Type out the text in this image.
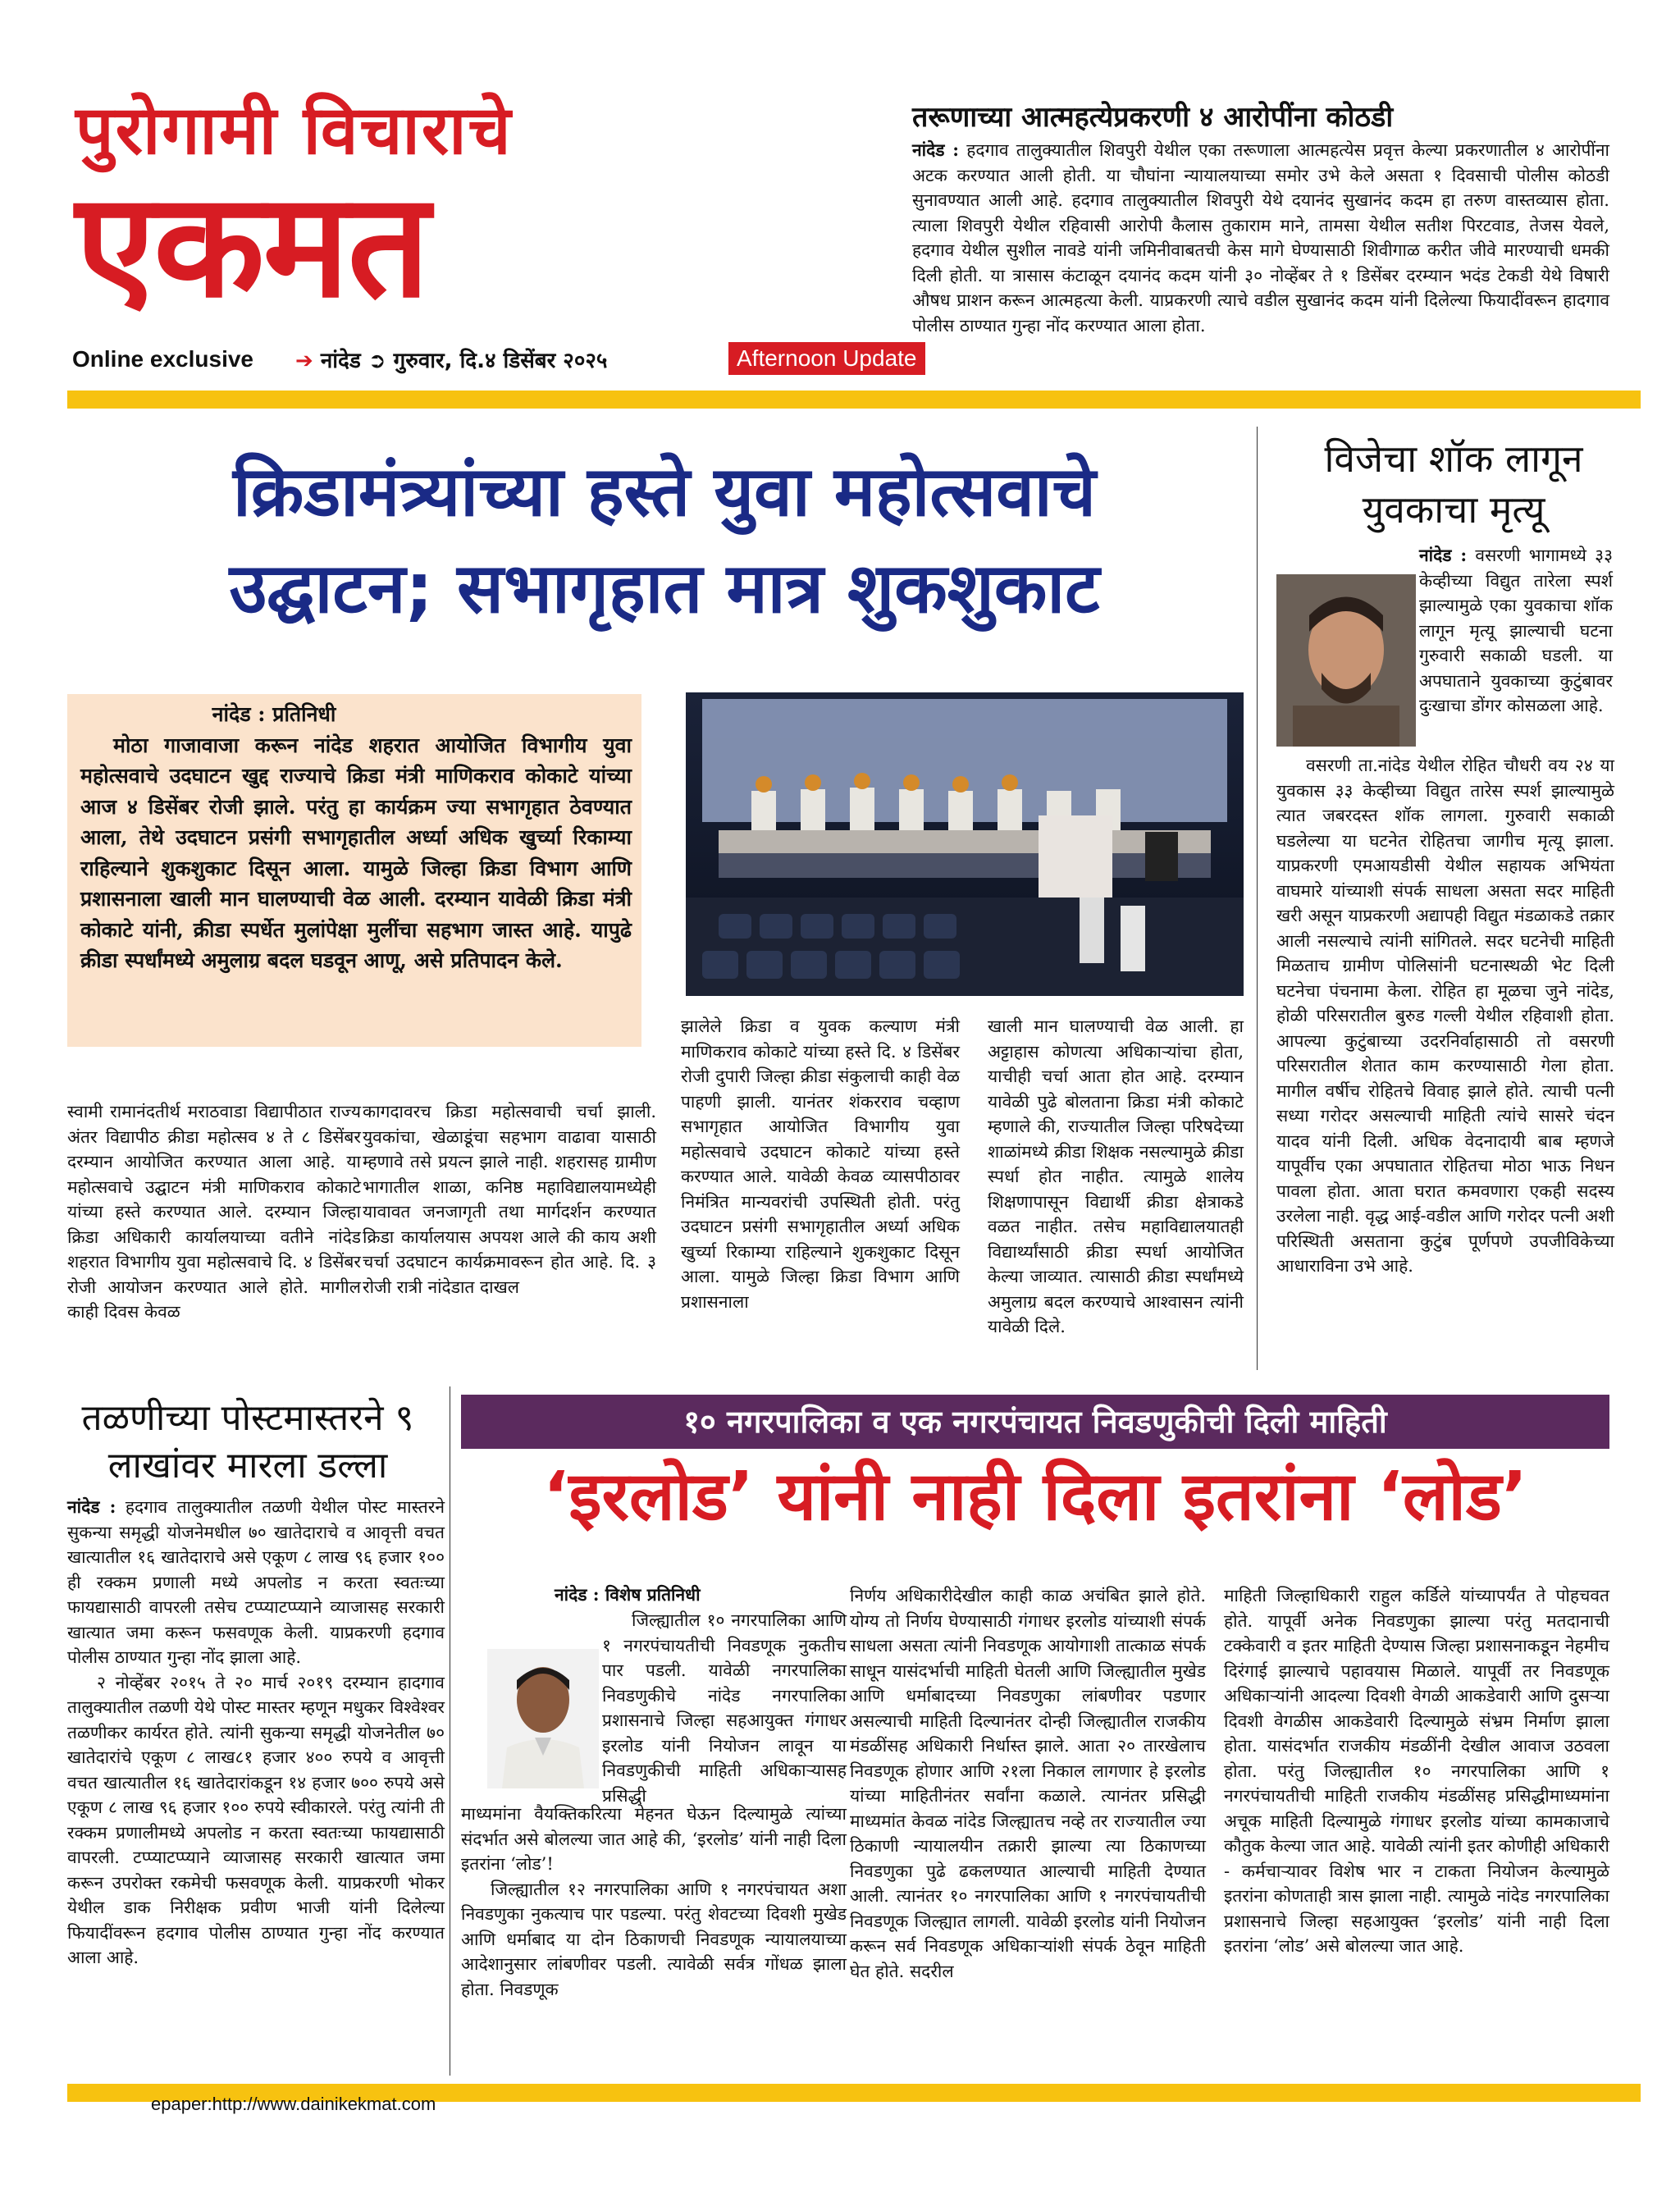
पुरोगामी विचाराचे
एकमत
Online exclusive ➔ नांदेड ➲ गुरुवार, दि.४ डिसेंबर २०२५	Afternoon Update
तरूणाच्या आत्महत्येप्रकरणी ४ आरोपींना कोठडी
नांदेड : हदगाव तालुक्यातील शिवपुरी येथील एका तरूणाला आत्महत्येस प्रवृत्त केल्या प्रकरणातील ४ आरोपींना अटक करण्यात आली होती. या चौघांना न्यायालयाच्या समोर उभे केले असता १ दिवसाची पोलीस कोठडी सुनावण्यात आली आहे. हदगाव तालुक्यातील शिवपुरी येथे दयानंद सुखानंद कदम हा तरुण वास्तव्यास होता. त्याला शिवपुरी येथील रहिवासी आरोपी कैलास तुकाराम माने, तामसा येथील सतीश पिरटवाड, तेजस येवले, हदगाव येथील सुशील नावडे यांनी जमिनीवाबतची केस मागे घेण्यासाठी शिवीगाळ करीत जीवे मारण्याची धमकी दिली होती. या त्रासास कंटाळून दयानंद कदम यांनी ३० नोव्हेंबर ते १ डिसेंबर दरम्यान भदंड टेकडी येथे विषारी औषध प्राशन करून आत्महत्या केली. याप्रकरणी त्याचे वडील सुखानंद कदम यांनी दिलेल्या फियादींवरून हादगाव पोलीस ठाण्यात गुन्हा नोंद करण्यात आला होता.
क्रिडामंत्र्यांच्या हस्ते युवा महोत्सवाचे
उद्घाटन; सभागृहात मात्र शुकशुकाट
नांदेड : प्रतिनिधी
मोठा गाजावाजा करून नांदेड शहरात आयोजित विभागीय युवा महोत्सवाचे उदघाटन खुद्द राज्याचे क्रिडा मंत्री माणिकराव कोकाटे यांच्या आज ४ डिसेंबर रोजी झाले. परंतु हा कार्यक्रम ज्या सभागृहात ठेवण्यात आला, तेथे उदघाटन प्रसंगी सभागृहातील अर्ध्या अधिक खुर्च्या रिकाम्या राहिल्याने शुकशुकाट दिसून आला. यामुळे जिल्हा क्रिडा विभाग आणि प्रशासनाला खाली मान घालण्याची वेळ आली. दरम्यान यावेळी क्रिडा मंत्री कोकाटे यांनी, क्रीडा स्पर्धेत मुलांपेक्षा मुलींचा सहभाग जास्त आहे. यापुढे क्रीडा स्पर्धांमध्ये अमुलाग्र बदल घडवून आणू, असे प्रतिपादन केले.
विजेचा शॉक लागून युवकाचा मृत्यू
नांदेड : वसरणी भागामध्ये ३३ केव्हीच्या विद्युत तारेला स्पर्श झाल्यामुळे एका युवकाचा शॉक लागून मृत्यू झाल्याची घटना गुरुवारी सकाळी घडली. या अपघाताने युवकाच्या कुटुंबावर दुःखाचा डोंगर कोसळला आहे.

वसरणी ता.नांदेड येथील रोहित चौधरी वय २४ या युवकास ३३ केव्हीच्या विद्युत तारेस स्पर्श झाल्यामुळे त्यात जबरदस्त शॉक लागला. गुरुवारी सकाळी घडलेल्या या घटनेत रोहितचा जागीच मृत्यू झाला. याप्रकरणी एमआयडीसी येथील सहायक अभियंता वाघमारे यांच्याशी संपर्क साधला असता सदर माहिती खरी असून याप्रकरणी अद्यापही विद्युत मंडळाकडे तक्रार आली नसल्याचे त्यांनी सांगितले. सदर घटनेची माहिती मिळताच ग्रामीण पोलिसांनी घटनास्थळी भेट दिली घटनेचा पंचनामा केला. रोहित हा मूळचा जुने नांदेड, होळी परिसरातील बुरुड गल्ली येथील रहिवाशी होता. आपल्या कुटुंबाच्या उदरनिर्वाहासाठी तो वसरणी परिसरातील शेतात काम करण्यासाठी गेला होता. मागील वर्षीच रोहितचे विवाह झाले होते. त्याची पत्नी सध्या गरोदर असल्याची माहिती त्यांचे सासरे चंदन यादव यांनी दिली. अधिक वेदनादायी बाब म्हणजे यापूर्वीच एका अपघातात रोहितचा मोठा भाऊ निधन पावला होता. आता घरात कमवणारा एकही सदस्य उरलेला नाही. वृद्ध आई-वडील आणि गरोदर पत्नी अशी परिस्थिती असताना कुटुंब पूर्णपणे उपजीविकेच्या आधाराविना उभे आहे.

स्वामी रामानंदतीर्थ मराठवाडा विद्यापीठात राज्य अंतर विद्यापीठ क्रीडा महोत्सव ४ ते ८ डिसेंबर दरम्यान आयोजित करण्यात आला आहे. या महोत्सवाचे उद्घाटन मंत्री माणिकराव कोकाटे यांच्या हस्ते करण्यात आले. दरम्यान जिल्हा क्रिडा अधिकारी कार्यालयाच्या वतीने नांदेड शहरात विभागीय युवा महोत्सवाचे दि. ४ डिसेंबर रोजी आयोजन करण्यात आले होते. मागील काही दिवस केवळ

कागदावरच क्रिडा महोत्सवाची चर्चा झाली. युवकांचा, खेळाडूंचा सहभाग वाढावा यासाठी म्हणावे तसे प्रयत्न झाले नाही. शहरासह ग्रामीण भागातील शाळा, कनिष्ठ महाविद्यालयामध्येही यावावत जनजागृती तथा मार्गदर्शन करण्यात क्रिडा कार्यालयास अपयश आले की काय अशी चर्चा उदघाटन कार्यक्रमावरून होत आहे. दि. ३ रोजी रात्री नांदेडात दाखल

झालेले क्रिडा व युवक कल्याण मंत्री माणिकराव कोकाटे यांच्या हस्ते दि. ४ डिसेंबर रोजी दुपारी जिल्हा क्रीडा संकुलाची काही वेळ पाहणी झाली. यानंतर शंकरराव चव्हाण सभागृहात आयोजित विभागीय युवा महोत्सवाचे उदघाटन कोकाटे यांच्या हस्ते करण्यात आले. यावेळी केवळ व्यासपीठावर निमंत्रित मान्यवरांची उपस्थिती होती. परंतु उदघाटन प्रसंगी सभागृहातील अर्ध्या अधिक खुर्च्या रिकाम्या राहिल्याने शुकशुकाट दिसून आला. यामुळे जिल्हा क्रिडा विभाग आणि प्रशासनाला

खाली मान घालण्याची वेळ आली. हा अट्टाहास कोणत्या अधिकाऱ्यांचा होता, याचीही चर्चा आता होत आहे. दरम्यान यावेळी पुढे बोलताना क्रिडा मंत्री कोकाटे म्हणाले की, राज्यातील जिल्हा परिषदेच्या शाळांमध्ये क्रीडा शिक्षक नसल्यामुळे क्रीडा स्पर्धा होत नाहीत. त्यामुळे शालेय शिक्षणापासून विद्यार्थी क्रीडा क्षेत्राकडे वळत नाहीत. तसेच महाविद्यालयातही विद्यार्थ्यांसाठी क्रीडा स्पर्धा आयोजित केल्या जाव्यात. त्यासाठी क्रीडा स्पर्धांमध्ये अमुलाग्र बदल करण्याचे आश्वासन त्यांनी यावेळी दिले.

तळणीच्या पोस्टमास्तरने ९ लाखांवर मारला डल्ला

नांदेड : हदगाव तालुक्यातील तळणी येथील पोस्ट मास्तरने सुकन्या समृद्धी योजनेमधील ७० खातेदाराचे व आवृत्ती वचत खात्यातील १६ खातेदाराचे असे एकूण ८ लाख ९६ हजार १०० ही रक्कम प्रणाली मध्ये अपलोड न करता स्वतःच्या फायद्यासाठी वापरली तसेच टप्प्याटप्प्याने व्याजासह सरकारी खात्यात जमा करून फसवणूक केली. याप्रकरणी हदगाव पोलीस ठाण्यात गुन्हा नोंद झाला आहे.

२ नोव्हेंबर २०१५ ते २० मार्च २०१९ दरम्यान हादगाव तालुक्यातील तळणी येथे पोस्ट मास्तर म्हणून मधुकर विश्वेश्वर तळणीकर कार्यरत होते. त्यांनी सुकन्या समृद्धी योजनेतील ७० खातेदारांचे एकूण ८ लाख८१ हजार ४०० रुपये व आवृत्ती वचत खात्यातील १६ खातेदारांकडून १४ हजार ७०० रुपये असे एकूण ८ लाख ९६ हजार १०० रुपये स्वीकारले. परंतु त्यांनी ती रक्कम प्रणालीमध्ये अपलोड न करता स्वतःच्या फायद्यासाठी वापरली. टप्प्याटप्प्याने व्याजासह सरकारी खात्यात जमा करून उपरोक्त रकमेची फसवणूक केली. याप्रकरणी भोकर येथील डाक निरीक्षक प्रवीण भाजी यांनी दिलेल्या फियादींवरून हदगाव पोलीस ठाण्यात गुन्हा नोंद करण्यात आला आहे.

१० नगरपालिका व एक नगरपंचायत निवडणुकीची दिली माहिती
‘इरलोड’ यांनी नाही दिला इतरांना ‘लोड’
नांदेड : विशेष प्रतिनिधी

जिल्ह्यातील १० नगरपालिका आणि १ नगरपंचायतीची निवडणूक नुकतीच पार पडली. यावेळी नगरपालिका निवडणुकीचे नांदेड नगरपालिका प्रशासनाचे जिल्हा सहआयुक्त गंगाधर इरलोड यांनी नियोजन लावून या निवडणुकीची माहिती अधिकाऱ्यासह प्रसिद्धी

माध्यमांना वैयक्तिकरित्या मेहनत घेऊन दिल्यामुळे त्यांच्या संदर्भात असे बोलल्या जात आहे की, ‘इरलोड’ यांनी नाही दिला इतरांना ‘लोड’!

जिल्ह्यातील १२ नगरपालिका आणि १ नगरपंचायत अशा निवडणुका नुकत्याच पार पडल्या. परंतु शेवटच्या दिवशी मुखेड आणि धर्माबाद या दोन ठिकाणची निवडणूक न्यायालयाच्या आदेशानुसार लांबणीवर पडली. त्यावेळी सर्वत्र गोंधळ झाला होता. निवडणूक

निर्णय अधिकारीदेखील काही काळ अचंबित झाले होते. योग्य तो निर्णय घेण्यासाठी गंगाधर इरलोड यांच्याशी संपर्क साधला असता त्यांनी निवडणूक आयोगाशी तात्काळ संपर्क साधून यासंदर्भाची माहिती घेतली आणि जिल्ह्यातील मुखेड आणि धर्माबादच्या निवडणुका लांबणीवर पडणार असल्याची माहिती दिल्यानंतर दोन्ही जिल्ह्यातील राजकीय मंडळींसह अधिकारी निर्धास्त झाले. आता २० तारखेलाच निवडणूक होणार आणि २१ला निकाल लागणार हे इरलोड यांच्या माहितीनंतर सर्वांना कळाले. त्यानंतर प्रसिद्धी माध्यमांत केवळ नांदेड जिल्ह्यातच नव्हे तर राज्यातील ज्या ठिकाणी न्यायालयीन तक्रारी झाल्या त्या ठिकाणच्या निवडणुका पुढे ढकलण्यात आल्याची माहिती देण्यात आली. त्यानंतर १० नगरपालिका आणि १ नगरपंचायतीची निवडणूक जिल्ह्यात लागली. यावेळी इरलोड यांनी नियोजन करून सर्व निवडणूक अधिकाऱ्यांशी संपर्क ठेवून माहिती घेत होते. सदरील

माहिती जिल्हाधिकारी राहुल कर्डिले यांच्यापर्यंत ते पोहचवत होते. यापूर्वी अनेक निवडणुका झाल्या परंतु मतदानाची टक्केवारी व इतर माहिती देण्यास जिल्हा प्रशासनाकडून नेहमीच दिरंगाई झाल्याचे पहावयास मिळाले. यापूर्वी तर निवडणूक अधिकाऱ्यांनी आदल्या दिवशी वेगळी आकडेवारी आणि दुसऱ्या दिवशी वेगळीस आकडेवारी दिल्यामुळे संभ्रम निर्माण झाला होता. यासंदर्भात राजकीय मंडळींनी देखील आवाज उठवला होता. परंतु जिल्ह्यातील १० नगरपालिका आणि १ नगरपंचायतीची माहिती राजकीय मंडळींसह प्रसिद्धीमाध्यमांना अचूक माहिती दिल्यामुळे गंगाधर इरलोड यांच्या कामकाजाचे कौतुक केल्या जात आहे. यावेळी त्यांनी इतर कोणीही अधिकारी - कर्मचाऱ्यावर विशेष भार न टाकता नियोजन केल्यामुळे इतरांना कोणताही त्रास झाला नाही. त्यामुळे नांदेड नगरपालिका प्रशासनाचे जिल्हा सहआयुक्त ‘इरलोड’ यांनी नाही दिला इतरांना ‘लोड’ असे बोलल्या जात आहे.

epaper:http://www.dainikekmat.com
